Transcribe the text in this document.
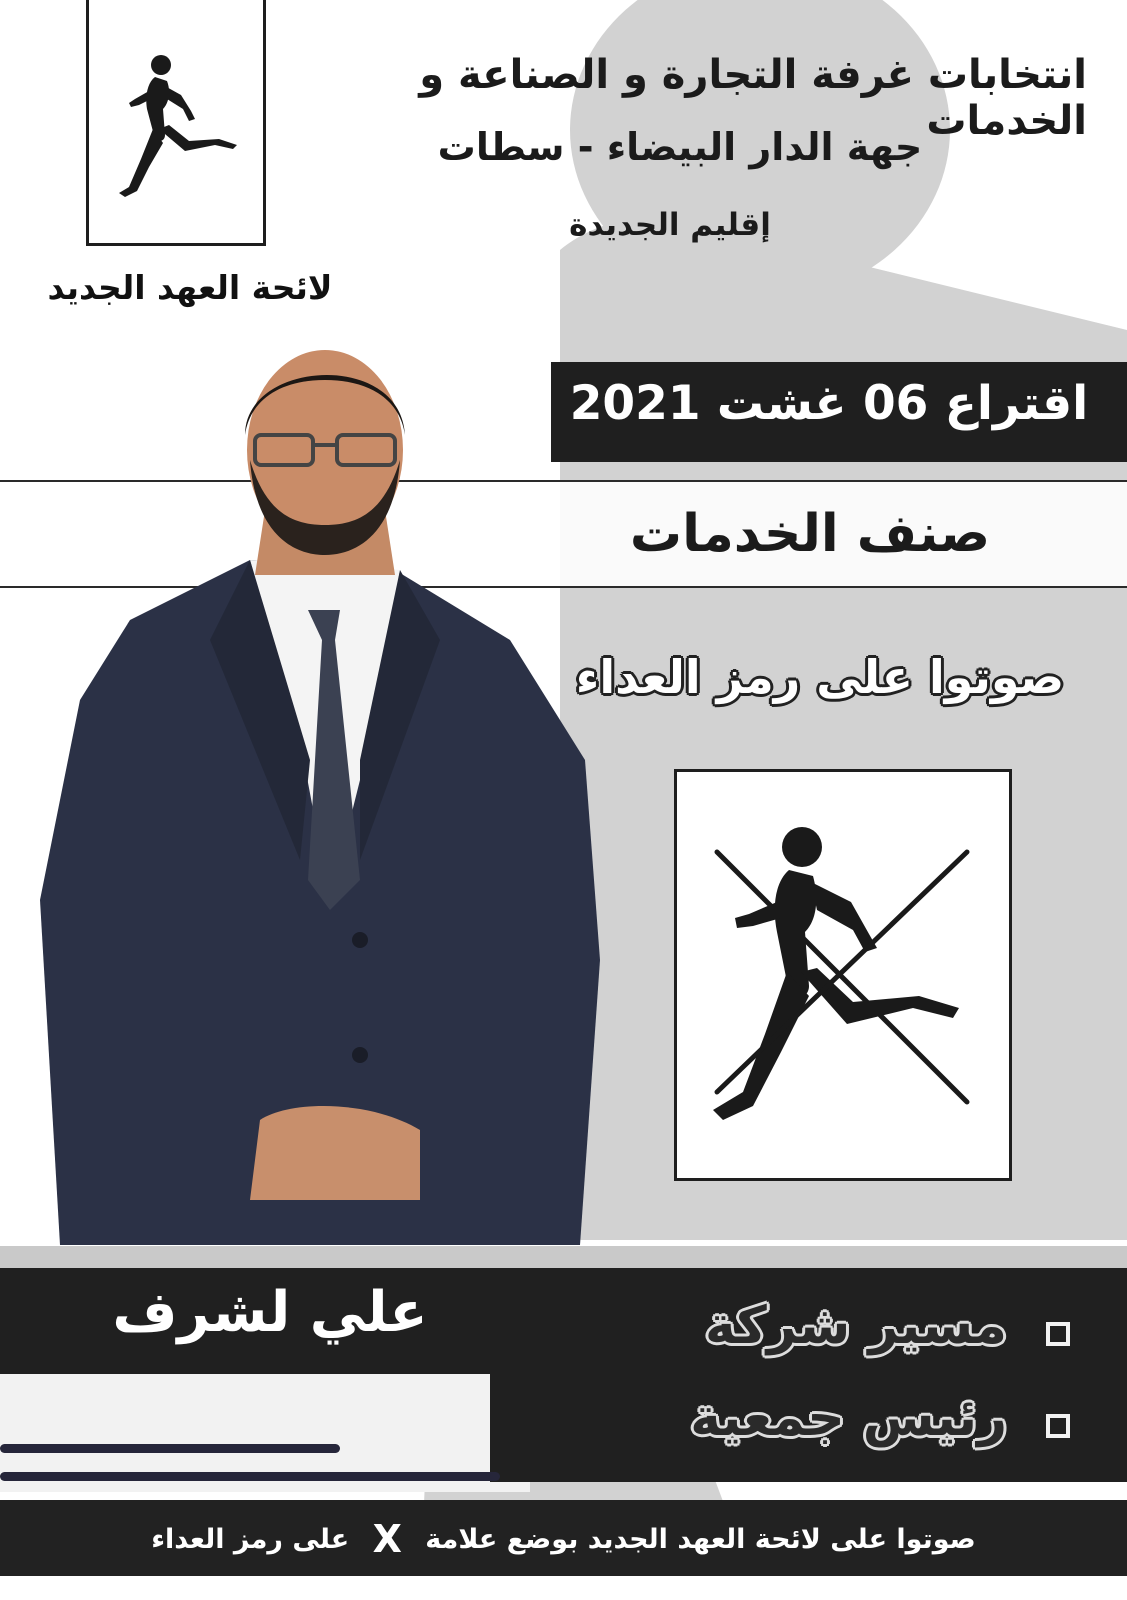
لائحة العهد الجديد
انتخابات غرفة التجارة و الصناعة و الخدمات
جهة الدار البيضاء - سطات
إقليم الجديدة
اقتراع 06 غشت 2021
صنف الخدمات
صوتوا على رمز العداء
علي لشرف	مسير شركة
رئيس جمعية
صوتوا على لائحة العهد الجديد بوضع علامة X على رمز العداء
